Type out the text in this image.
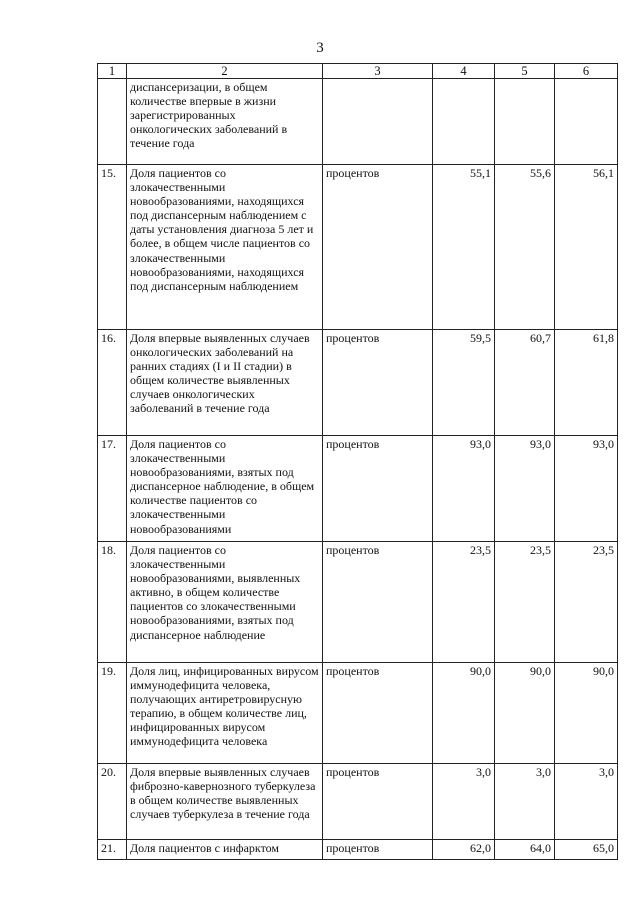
3
1	2	3	4	5	6
	диспансеризации, в общем количестве впервые в жизни зарегистрированных онкологических заболеваний в течение года				
15.	Доля пациентов со злокачественными новообразованиями, находящихся под диспансерным наблюдением с даты установления диагноза 5 лет и более, в общем числе пациентов со злокачественными новообразованиями, находящихся под диспансерным наблюдением	процентов	55,1	55,6	56,1
16.	Доля впервые выявленных случаев онкологических заболеваний на ранних стадиях (I и II стадии) в общем количестве выявленных случаев онкологических заболеваний в течение года	процентов	59,5	60,7	61,8
17.	Доля пациентов со злокачественными новообразованиями, взятых под диспансерное наблюдение, в общем количестве пациентов со злокачественными новообразованиями	процентов	93,0	93,0	93,0
18.	Доля пациентов со злокачественными новообразованиями, выявленных активно, в общем количестве пациентов со злокачественными новообразованиями, взятых под диспансерное наблюдение	процентов	23,5	23,5	23,5
19.	Доля лиц, инфицированных вирусом иммунодефицита человека, получающих антиретровирусную терапию, в общем количестве лиц, инфицированных вирусом иммунодефицита человека	процентов	90,0	90,0	90,0
20.	Доля впервые выявленных случаев фиброзно-кавернозного туберкулеза в общем количестве выявленных случаев туберкулеза в течение года	процентов	3,0	3,0	3,0
21.	Доля пациентов с инфарктом	процентов	62,0	64,0	65,0
